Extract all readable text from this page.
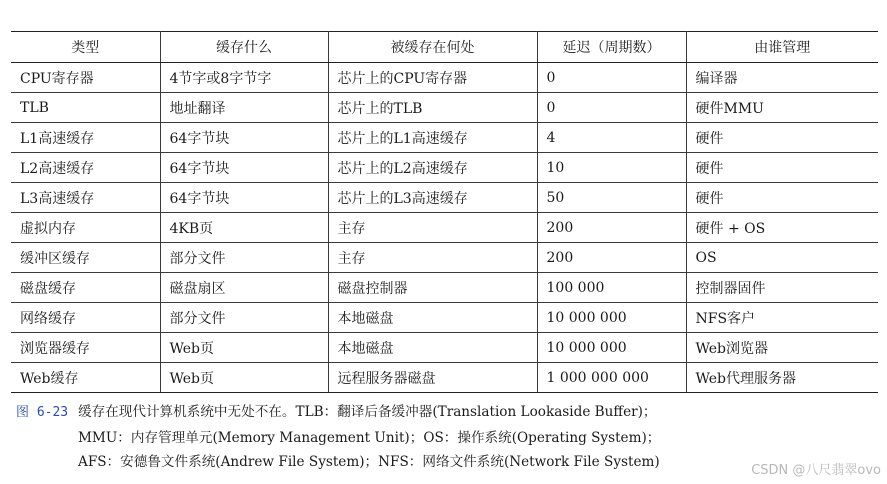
类型	缓存什么	被缓存在何处	延迟（周期数）	由谁管理
CPU寄存器	4节字或8字节字	芯片上的CPU寄存器	0	编译器
TLB	地址翻译	芯片上的TLB	0	硬件MMU
L1高速缓存	64字节块	芯片上的L1高速缓存	4	硬件
L2高速缓存	64字节块	芯片上的L2高速缓存	10	硬件
L3高速缓存	64字节块	芯片上的L3高速缓存	50	硬件
虚拟内存	4KB页	主存	200	硬件 + OS
缓冲区缓存	部分文件	主存	200	OS
磁盘缓存	磁盘扇区	磁盘控制器	100 000	控制器固件
网络缓存	部分文件	本地磁盘	10 000 000	NFS客户
浏览器缓存	Web页	本地磁盘	10 000 000	Web浏览器
Web缓存	Web页	远程服务器磁盘	1 000 000 000	Web代理服务器
图 6-23 缓存在现代计算机系统中无处不在。TLB：翻译后备缓冲器(Translation Lookaside Buffer)；
MMU：内存管理单元(Memory Management Unit)；OS：操作系统(Operating System)；
AFS：安德鲁文件系统(Andrew File System)；NFS：网络文件系统(Network File System)
CSDN @八尺翡翠ovo
